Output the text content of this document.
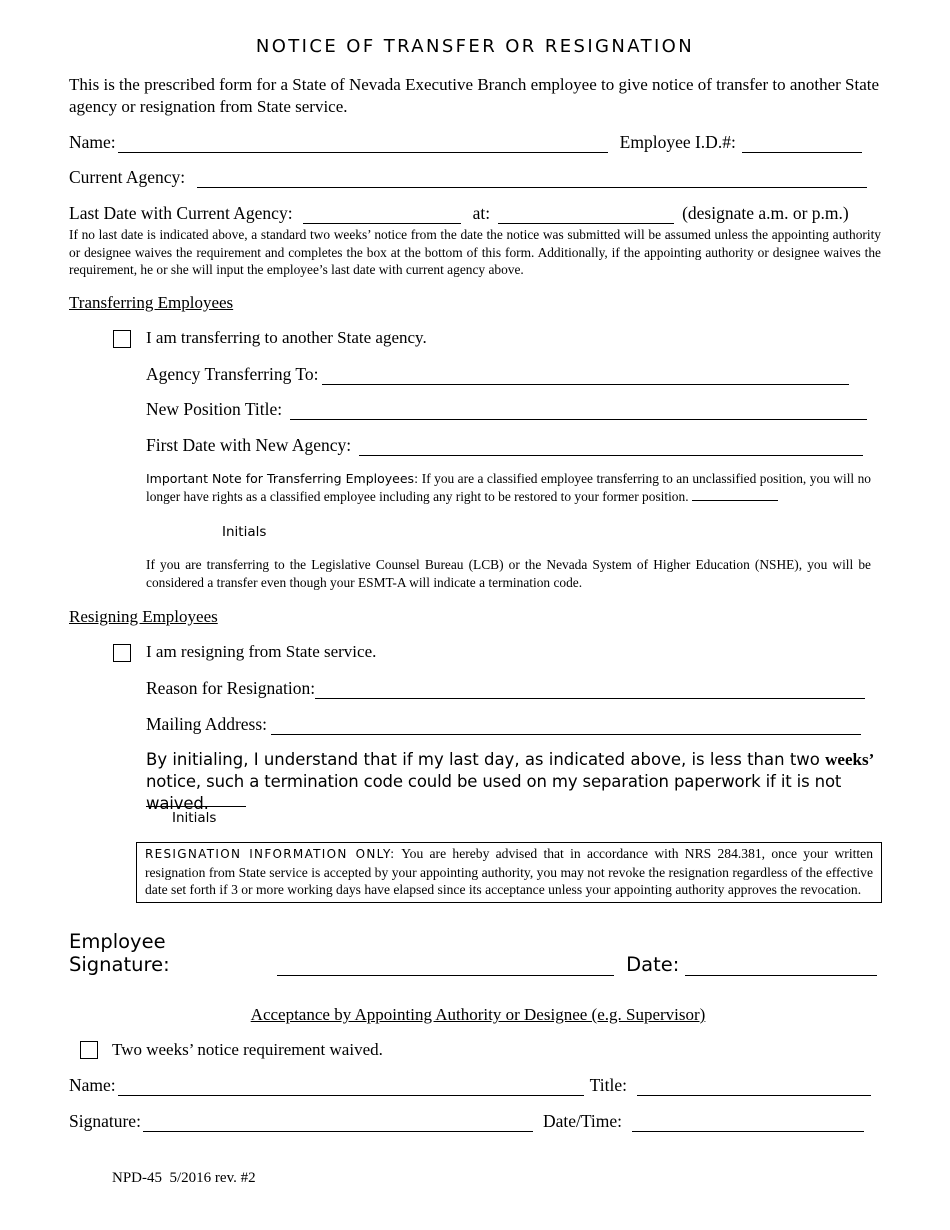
NOTICE OF TRANSFER OR RESIGNATION
This is the prescribed form for a State of Nevada Executive Branch employee to give notice of transfer to another State agency or resignation from State service.
Name:	Employee I.D.#:
Current Agency:
Last Date with Current Agency:	at:	(designate a.m. or p.m.)
If no last date is indicated above, a standard two weeks’ notice from the date the notice was submitted will be assumed unless the appointing authority or designee waives the requirement and completes the box at the bottom of this form. Additionally, if the appointing authority or designee waives the requirement, he or she will input the employee’s last date with current agency above.
Transferring Employees
I am transferring to another State agency.
Agency Transferring To:
New Position Title:
First Date with New Agency:
Important Note for Transferring Employees: If you are a classified employee transferring to an unclassified position, you will no longer have rights as a classified employee including any right to be restored to your former position.
Initials
If you are transferring to the Legislative Counsel Bureau (LCB) or the Nevada System of Higher Education (NSHE), you will be considered a transfer even though your ESMT-A will indicate a termination code.
Resigning Employees
I am resigning from State service.
Reason for Resignation:
Mailing Address:
By initialing, I understand that if my last day, as indicated above, is less than two weeks’ notice, such a termination code could be used on my separation paperwork if it is not waived.
Initials
RESIGNATION INFORMATION ONLY: You are hereby advised that in accordance with NRS 284.381, once your written resignation from State service is accepted by your appointing authority, you may not revoke the resignation regardless of the effective date set forth if 3 or more working days have elapsed since its acceptance unless your appointing authority approves the revocation.
Employee Signature:	Date:
Acceptance by Appointing Authority or Designee (e.g. Supervisor)
Two weeks’ notice requirement waived.
Name:	Title:
Signature:	Date/Time:
NPD-45  5/2016 rev. #2
